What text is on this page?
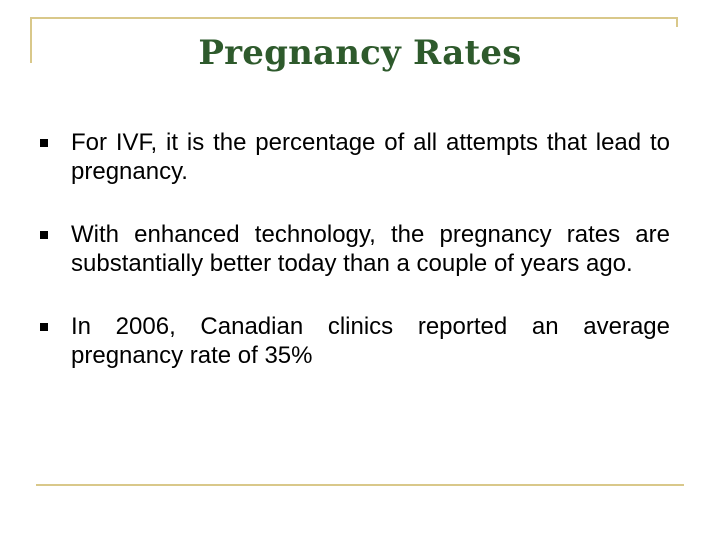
Pregnancy Rates
For IVF, it is the percentage of all attempts that lead to pregnancy.
With enhanced technology, the pregnancy rates are substantially better today than a couple of years ago.
In 2006, Canadian clinics reported an average pregnancy rate of 35%
